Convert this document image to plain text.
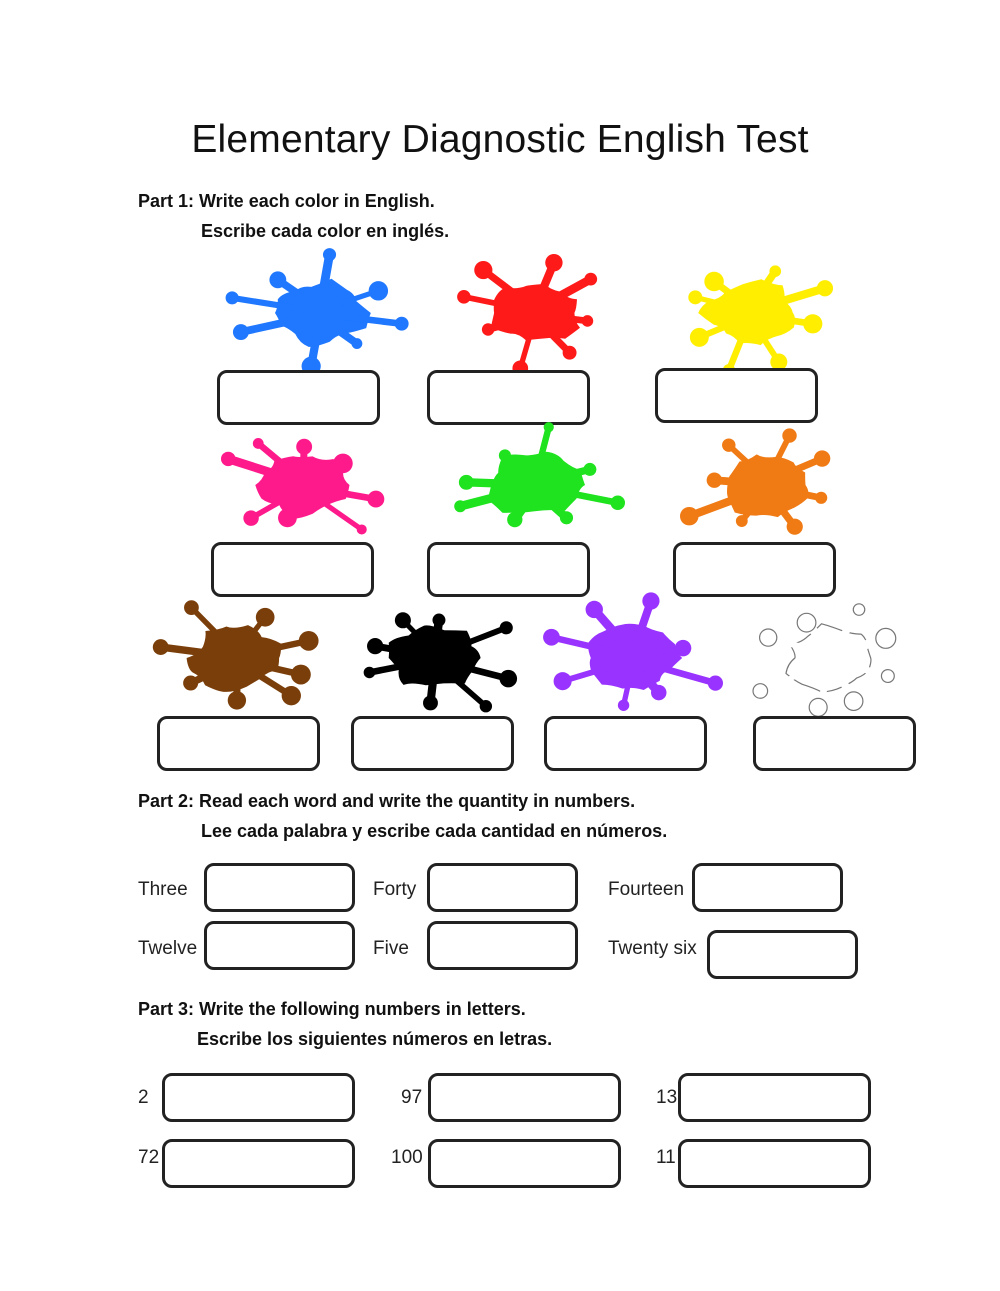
Elementary Diagnostic English Test
Part 1: Write each color in English.
Escribe cada color en inglés.
Part 2: Read each word and write the quantity in numbers.
Lee cada palabra y escribe cada cantidad en números.
Three	Forty	Fourteen
Twelve	Five	Twenty six
Part 3: Write the following numbers in letters.
Escribe los siguientes números en letras.
2	97	13
72	100	11
